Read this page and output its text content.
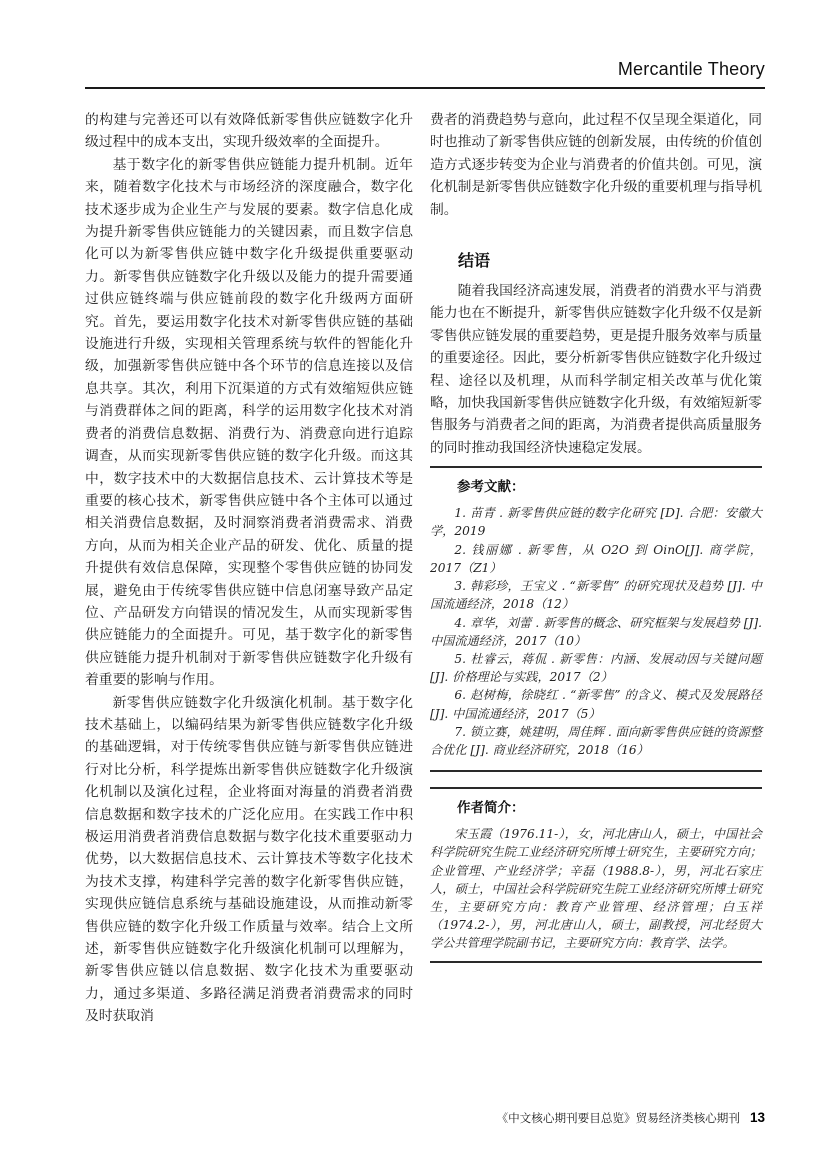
Mercantile Theory

的构建与完善还可以有效降低新零售供应链数字化升级过程中的成本支出，实现升级效率的全面提升。

基于数字化的新零售供应链能力提升机制。近年来，随着数字化技术与市场经济的深度融合，数字化技术逐步成为企业生产与发展的要素。数字信息化成为提升新零售供应链能力的关键因素，而且数字信息化可以为新零售供应链中数字化升级提供重要驱动力。新零售供应链数字化升级以及能力的提升需要通过供应链终端与供应链前段的数字化升级两方面研究。首先，要运用数字化技术对新零售供应链的基础设施进行升级，实现相关管理系统与软件的智能化升级，加强新零售供应链中各个环节的信息连接以及信息共享。其次，利用下沉渠道的方式有效缩短供应链与消费群体之间的距离，科学的运用数字化技术对消费者的消费信息数据、消费行为、消费意向进行追踪调查，从而实现新零售供应链的数字化升级。而这其中，数字技术中的大数据信息技术、云计算技术等是重要的核心技术，新零售供应链中各个主体可以通过相关消费信息数据，及时洞察消费者消费需求、消费方向，从而为相关企业产品的研发、优化、质量的提升提供有效信息保障，实现整个零售供应链的协同发展，避免由于传统零售供应链中信息闭塞导致产品定位、产品研发方向错误的情况发生，从而实现新零售供应链能力的全面提升。可见，基于数字化的新零售供应链能力提升机制对于新零售供应链数字化升级有着重要的影响与作用。

新零售供应链数字化升级演化机制。基于数字化技术基础上，以编码结果为新零售供应链数字化升级的基础逻辑，对于传统零售供应链与新零售供应链进行对比分析，科学提炼出新零售供应链数字化升级演化机制以及演化过程，企业将面对海量的消费者消费信息数据和数字技术的广泛化应用。在实践工作中积极运用消费者消费信息数据与数字化技术重要驱动力优势，以大数据信息技术、云计算技术等数字化技术为技术支撑，构建科学完善的数字化新零售供应链，实现供应链信息系统与基础设施建设，从而推动新零售供应链的数字化升级工作质量与效率。结合上文所述，新零售供应链数字化升级演化机制可以理解为，新零售供应链以信息数据、数字化技术为重要驱动力，通过多渠道、多路径满足消费者消费需求的同时及时获取消

费者的消费趋势与意向，此过程不仅呈现全渠道化，同时也推动了新零售供应链的创新发展，由传统的价值创造方式逐步转变为企业与消费者的价值共创。可见，演化机制是新零售供应链数字化升级的重要机理与指导机制。

结语

随着我国经济高速发展，消费者的消费水平与消费能力也在不断提升，新零售供应链数字化升级不仅是新零售供应链发展的重要趋势，更是提升服务效率与质量的重要途径。因此，要分析新零售供应链数字化升级过程、途径以及机理，从而科学制定相关改革与优化策略，加快我国新零售供应链数字化升级，有效缩短新零售服务与消费者之间的距离，为消费者提供高质量服务的同时推动我国经济快速稳定发展。

参考文献：

1. 苗青 . 新零售供应链的数字化研究 [D]. 合肥：安徽大学，2019

2. 钱丽娜 . 新零售，从 O2O 到 OinO[J]. 商学院，2017（Z1）

3. 韩彩珍，王宝义 . “新零售” 的研究现状及趋势 [J]. 中国流通经济，2018（12）

4. 章华，刘蕾 . 新零售的概念、研究框架与发展趋势 [J]. 中国流通经济，2017（10）

5. 杜睿云，蒋侃 . 新零售：内涵、发展动因与关键问题 [J]. 价格理论与实践，2017（2）

6. 赵树梅，徐晓红 . “新零售” 的含义、模式及发展路径 [J]. 中国流通经济，2017（5）

7. 锁立赛，姚建明，周佳辉 . 面向新零售供应链的资源整合优化 [J]. 商业经济研究，2018（16）

作者简介：

宋玉霞（1976.11-），女，河北唐山人，硕士，中国社会科学院研究生院工业经济研究所博士研究生，主要研究方向；企业管理、产业经济学；辛磊（1988.8-），男，河北石家庄人，硕士，中国社会科学院研究生院工业经济研究所博士研究生，主要研究方向：教育产业管理、经济管理；白玉祥（1974.2-），男，河北唐山人，硕士，副教授，河北经贸大学公共管理学院副书记，主要研究方向：教育学、法学。

《中文核心期刊要目总览》贸易经济类核心期刊 13
